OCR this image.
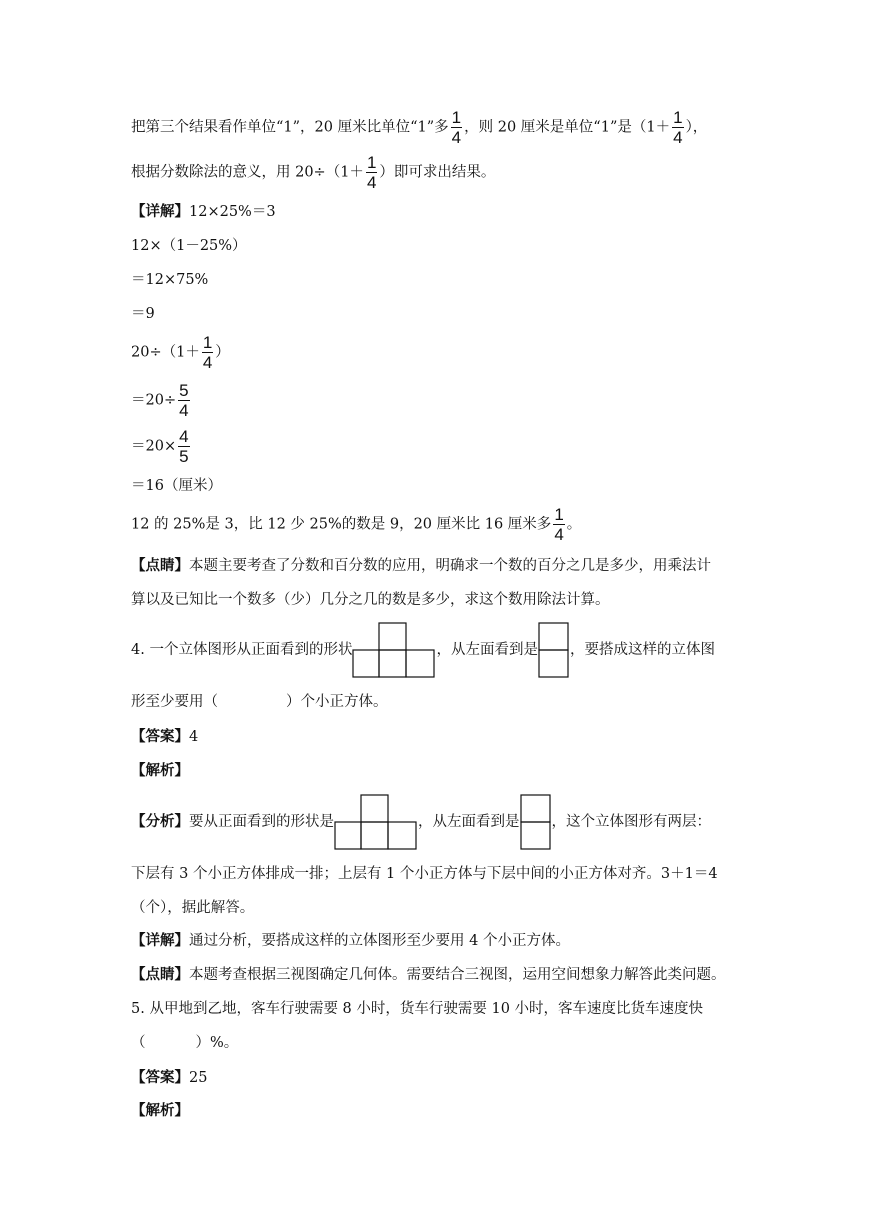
把第三个结果看作单位“1”，20 厘米比单位“1”多 $\frac{1}{4}$ ，则 20 厘米是单位“1”是（$1+ \frac{1}{4}$ ），
根据分数除法的意义，用 $20\div(1+ \frac{1}{4}$ ）即可求出结果。
【详解】12×25%＝3
12×（1－25%）
＝12×75%
＝9
$20\div(1+ \frac{1}{4}$ ）
$=20\div \frac{5}{4}$
$=20\times \frac{4}{5}$
＝16（厘米）
12 的 25%是 3，比 12 少 25%的数是 9，20 厘米比 16 厘米多 $\frac{1}{4}$ 。
【点睛】本题主要考查了分数和百分数的应用，明确求一个数的百分之几是多少，用乘法计
算以及已知比一个数多（少）几分之几的数是多少，求这个数用除法计算。
4. 一个立体图形从正面看到的形状	，从左面看到是 ，要搭成这样的立体图
形至少要用（	）个小正方体。
【答案】4
【解析】
【分析】要从正面看到的形状是	，从左面看到是 ，这个立体图形有两层：
下层有 3 个小正方体排成一排；上层有 1 个小正方体与下层中间的小正方体对齐。3＋1＝4
（个），据此解答。
【详解】通过分析，要搭成这样的立体图形至少要用 4 个小正方体。
【点睛】本题考查根据三视图确定几何体。需要结合三视图，运用空间想象力解答此类问题。
5. 从甲地到乙地，客车行驶需要 8 小时，货车行驶需要 10 小时，客车速度比货车速度快
（	）%。
【答案】25
【解析】
